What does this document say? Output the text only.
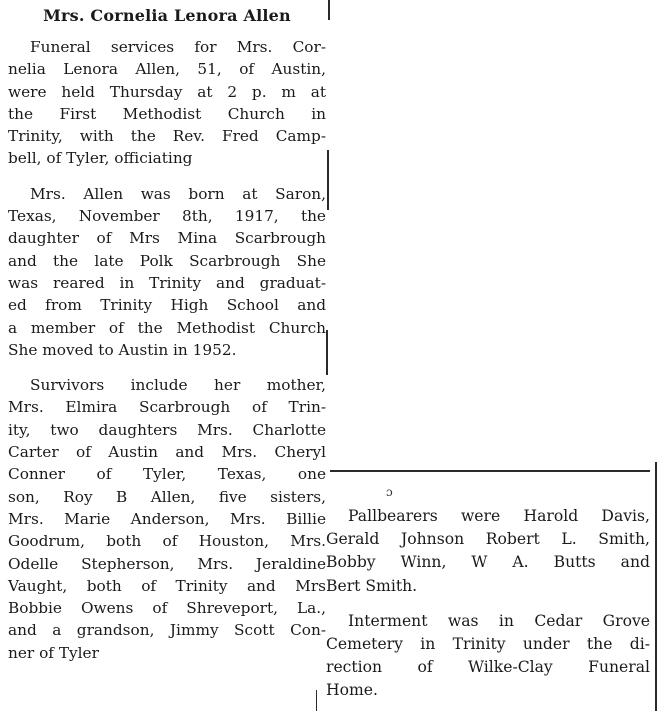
Mrs. Cornelia Lenora Allen
Funeral services for Mrs. Cor-
nelia Lenora Allen, 51, of Austin,
were held Thursday at 2 p. m at
the First Methodist Church in
Trinity, with the Rev. Fred Camp-
bell, of Tyler, officiating
Mrs. Allen was born at Saron,
Texas, November 8th, 1917, the
daughter of Mrs Mina Scarbrough
and the late Polk Scarbrough She
was reared in Trinity and graduat-
ed from Trinity High School and
a member of the Methodist Church
She moved to Austin in 1952.
Survivors include her mother,
Mrs. Elmira Scarbrough of Trin-
ity, two daughters Mrs. Charlotte
Carter of Austin and Mrs. Cheryl
Conner of Tyler, Texas, one
son, Roy B Allen, five sisters,
Mrs. Marie Anderson, Mrs. Billie
Goodrum, both of Houston, Mrs.
Odelle Stepherson, Mrs. Jeraldine
Vaught, both of Trinity and Mrs
Bobbie Owens of Shreveport, La.,
and a grandson, Jimmy Scott Con-
ner of Tyler
ɔ
Pallbearers were Harold Davis,
Gerald Johnson Robert L. Smith,
Bobby Winn, W A. Butts and
Bert Smith.
Interment was in Cedar Grove
Cemetery in Trinity under the di-
rection of Wilke-Clay Funeral
Home.
